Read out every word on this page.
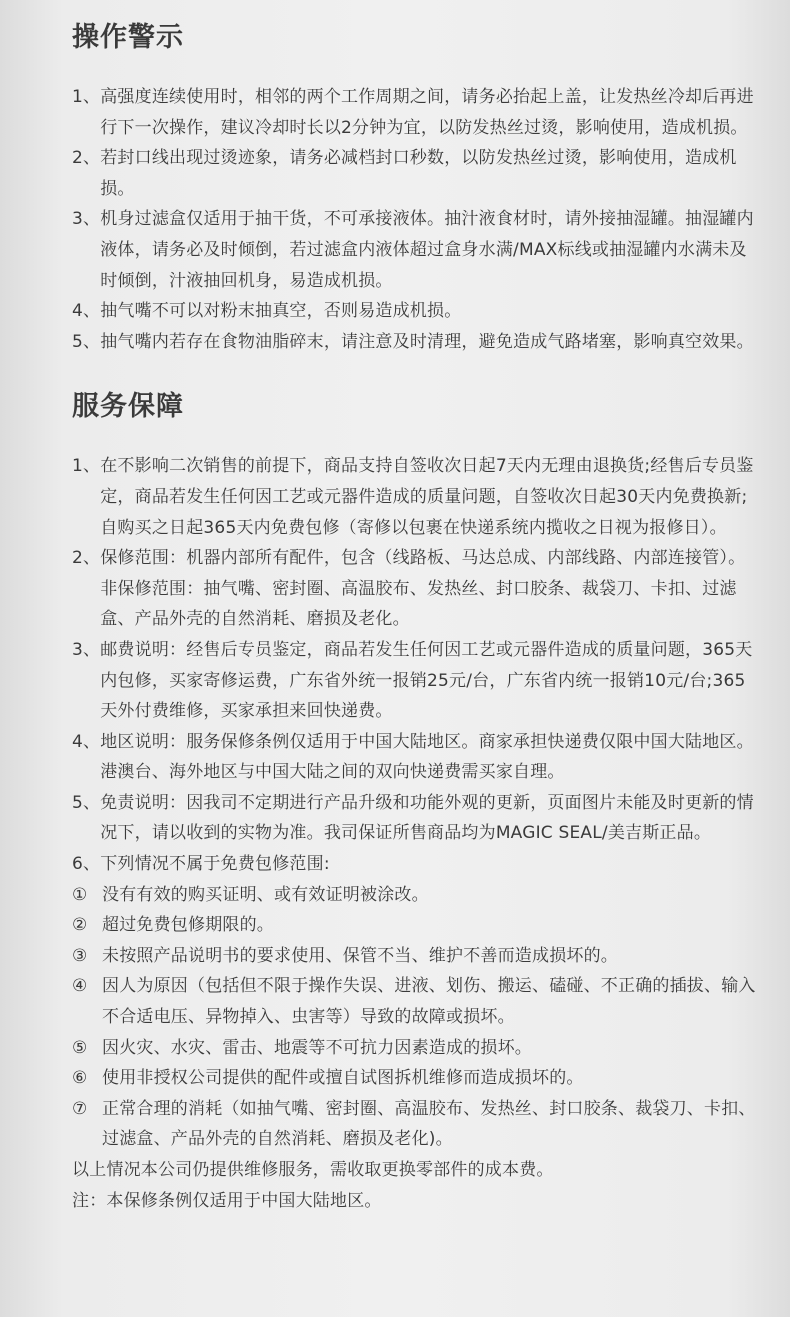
操作警示
1、 高强度连续使用时，相邻的两个工作周期之间，请务必抬起上盖，让发热丝冷却后再进行下一次操作，建议冷却时长以2分钟为宜，以防发热丝过烫，影响使用，造成机损。
2、 若封口线出现过烫迹象，请务必减档封口秒数，以防发热丝过烫，影响使用，造成机损。
3、 机身过滤盒仅适用于抽干货，不可承接液体。抽汁液食材时，请外接抽湿罐。抽湿罐内液体，请务必及时倾倒，若过滤盒内液体超过盒身水满/MAX标线或抽湿罐内水满未及时倾倒，汁液抽回机身，易造成机损。
4、 抽气嘴不可以对粉末抽真空，否则易造成机损。
5、 抽气嘴内若存在食物油脂碎末，请注意及时清理，避免造成气路堵塞，影响真空效果。
服务保障
1、 在不影响二次销售的前提下，商品支持自签收次日起7天内无理由退换货;经售后专员鉴定，商品若发生任何因工艺或元器件造成的质量问题，自签收次日起30天内免费换新;自购买之日起365天内免费包修（寄修以包裹在快递系统内揽收之日视为报修日）。
2、 保修范围：机器内部所有配件，包含（线路板、马达总成、内部线路、内部连接管）。非保修范围：抽气嘴、密封圈、高温胶布、发热丝、封口胶条、裁袋刀、卡扣、过滤盒、产品外壳的自然消耗、磨损及老化。
3、 邮费说明：经售后专员鉴定，商品若发生任何因工艺或元器件造成的质量问题，365天内包修，买家寄修运费，广东省外统一报销25元/台，广东省内统一报销10元/台;365天外付费维修，买家承担来回快递费。
4、 地区说明：服务保修条例仅适用于中国大陆地区。商家承担快递费仅限中国大陆地区。港澳台、海外地区与中国大陆之间的双向快递费需买家自理。
5、 免责说明：因我司不定期进行产品升级和功能外观的更新，页面图片未能及时更新的情况下，请以收到的实物为准。我司保证所售商品均为MAGIC SEAL/美吉斯正品。
6、 下列情况不属于免费包修范围:
① 没有有效的购买证明、或有效证明被涂改。
② 超过免费包修期限的。
③ 未按照产品说明书的要求使用、保管不当、维护不善而造成损坏的。
④ 因人为原因（包括但不限于操作失误、进液、划伤、搬运、磕碰、不正确的插拔、输入不合适电压、异物掉入、虫害等）导致的故障或损坏。
⑤ 因火灾、水灾、雷击、地震等不可抗力因素造成的损坏。
⑥ 使用非授权公司提供的配件或擅自试图拆机维修而造成损坏的。
⑦ 正常合理的消耗（如抽气嘴、密封圈、高温胶布、发热丝、封口胶条、裁袋刀、卡扣、过滤盒、产品外壳的自然消耗、磨损及老化)。
以上情况本公司仍提供维修服务，需收取更换零部件的成本费。
注：本保修条例仅适用于中国大陆地区。
